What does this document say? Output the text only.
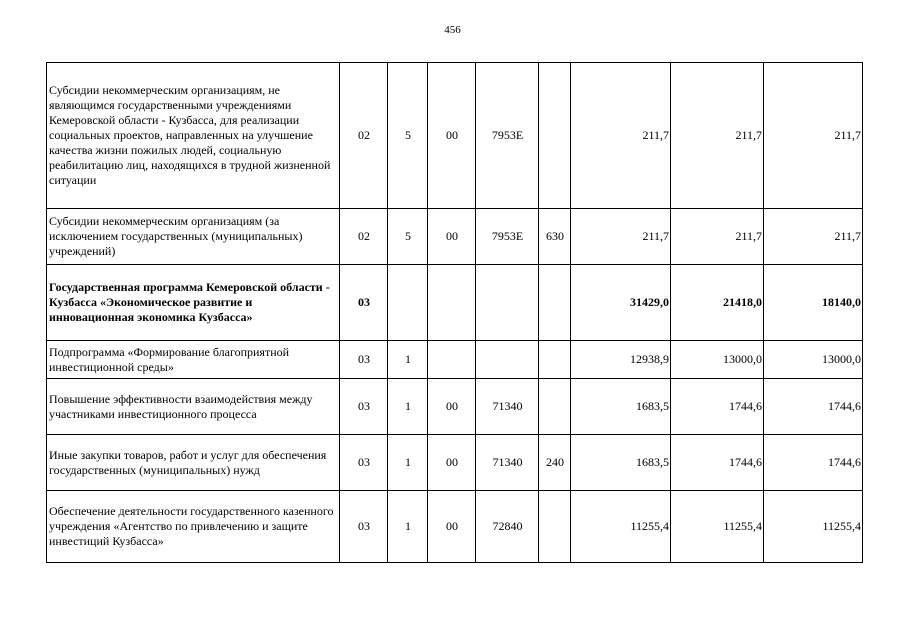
456
Субсидии некоммерческим организациям, не являющимся государственными учреждениями Кемеровской области - Кузбасса, для реализации социальных проектов, направленных на улучшение качества жизни пожилых людей, социальную реабилитацию лиц, находящихся в трудной жизненной ситуации	02	5	00	7953Е		211,7	211,7	211,7
Субсидии некоммерческим организациям (за исключением государственных (муниципальных) учреждений)	02	5	00	7953Е	630	211,7	211,7	211,7
Государственная программа Кемеровской области - Кузбасса «Экономическое развитие и инновационная экономика Кузбасса»	03					31429,0	21418,0	18140,0
Подпрограмма «Формирование благоприятной инвестиционной среды»	03	1				12938,9	13000,0	13000,0
Повышение эффективности взаимодействия между участниками инвестиционного процесса	03	1	00	71340		1683,5	1744,6	1744,6
Иные закупки товаров, работ и услуг для обеспечения государственных (муниципальных) нужд	03	1	00	71340	240	1683,5	1744,6	1744,6
Обеспечение деятельности государственного казенного учреждения «Агентство по привлечению и защите инвестиций Кузбасса»	03	1	00	72840		11255,4	11255,4	11255,4
